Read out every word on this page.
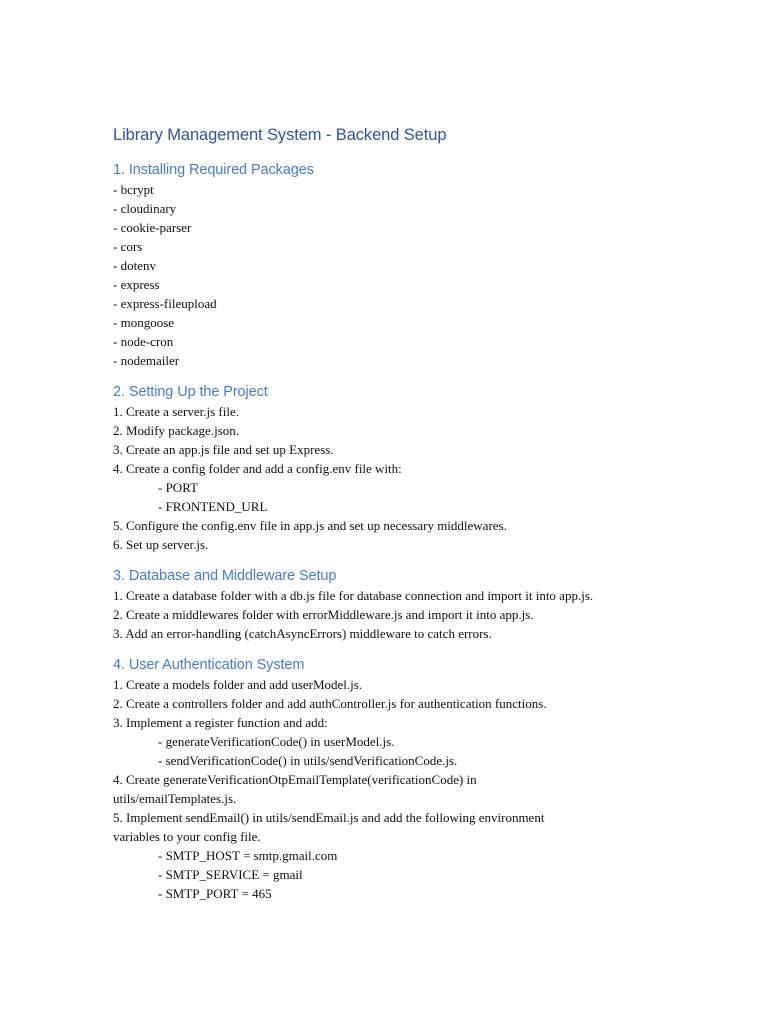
Library Management System - Backend Setup
1. Installing Required Packages

- bcrypt

- cloudinary

- cookie-parser

- cors

- dotenv

- express

- express-fileupload

- mongoose

- node-cron

- nodemailer

2. Setting Up the Project

1. Create a server.js file.

2. Modify package.json.

3. Create an app.js file and set up Express.

4. Create a config folder and add a config.env file with:

- PORT

- FRONTEND_URL

5. Configure the config.env file in app.js and set up necessary middlewares.

6. Set up server.js.

3. Database and Middleware Setup

1. Create a database folder with a db.js file for database connection and import it into app.js.

2. Create a middlewares folder with errorMiddleware.js and import it into app.js.

3. Add an error-handling (catchAsyncErrors) middleware to catch errors.

4. User Authentication System

1. Create a models folder and add userModel.js.

2. Create a controllers folder and add authController.js for authentication functions.

3. Implement a register function and add:

- generateVerificationCode() in userModel.js.

- sendVerificationCode() in utils/sendVerificationCode.js.

4. Create generateVerificationOtpEmailTemplate(verificationCode) in

utils/emailTemplates.js.

5. Implement sendEmail() in utils/sendEmail.js and add the following environment

variables to your config file.

- SMTP_HOST = smtp.gmail.com

- SMTP_SERVICE = gmail

- SMTP_PORT = 465
